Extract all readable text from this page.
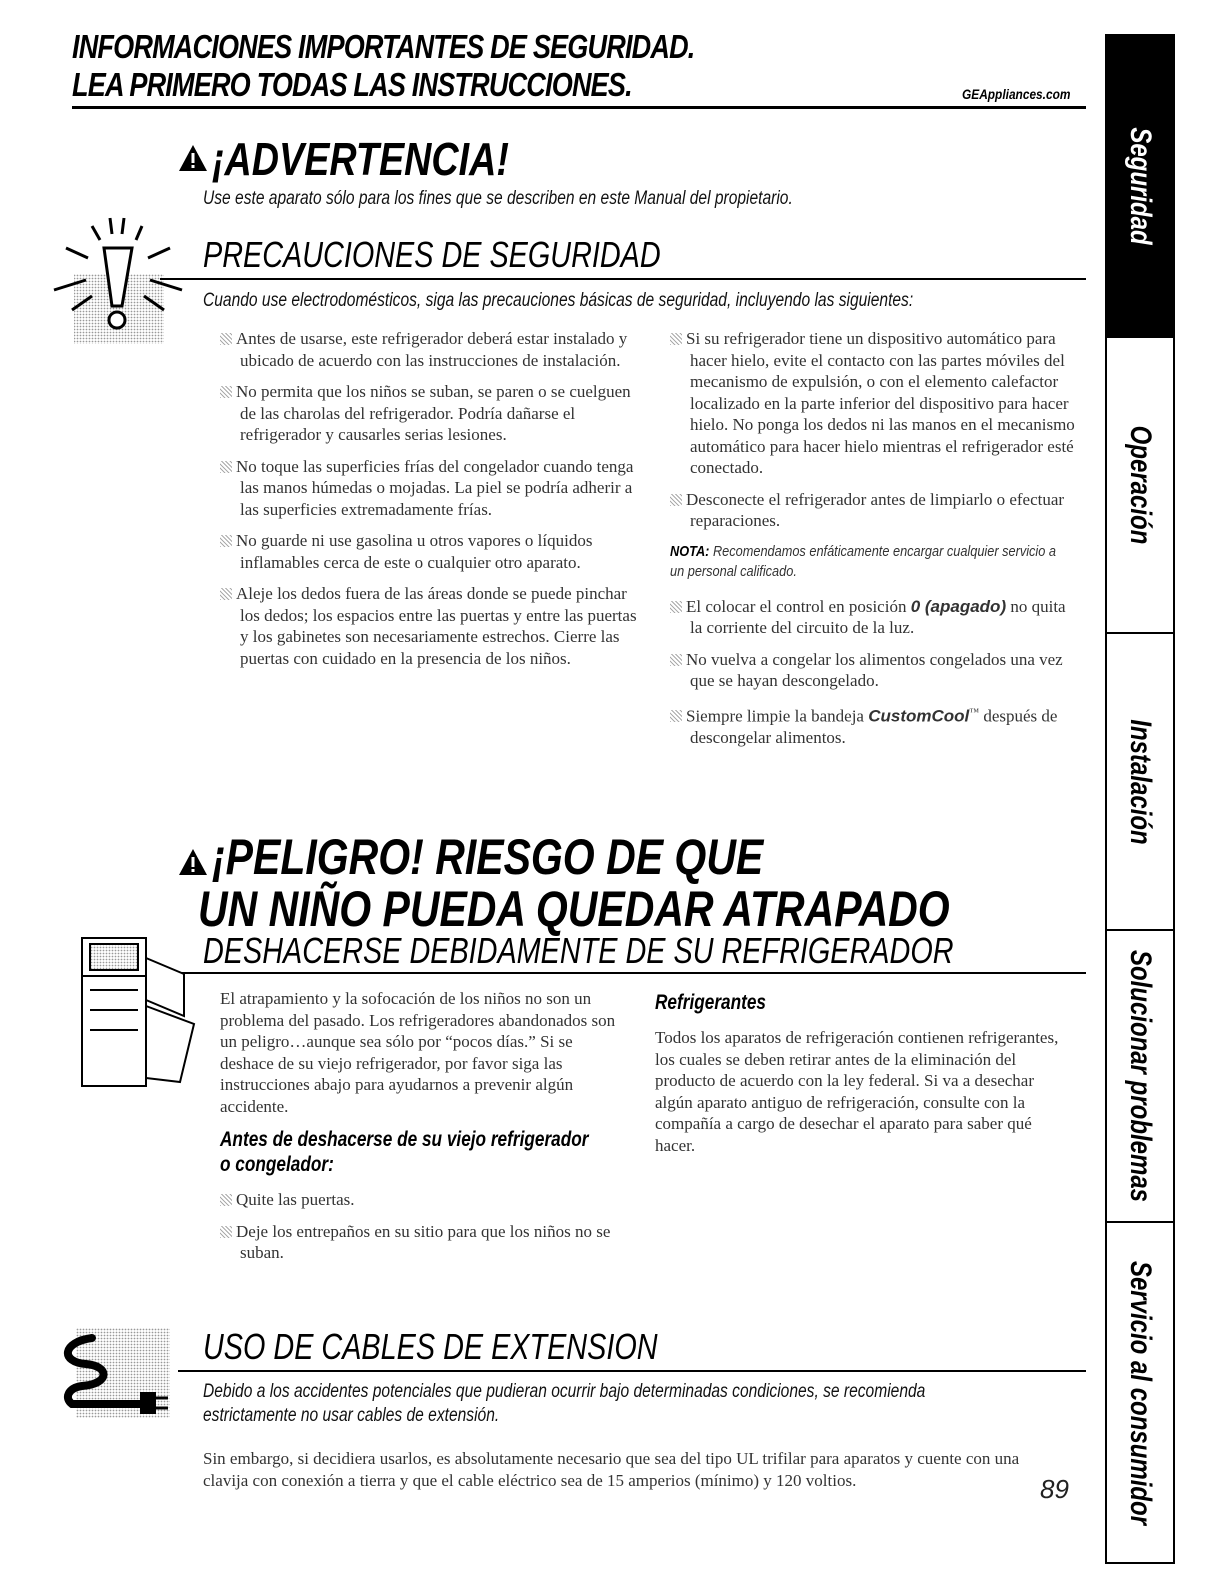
INFORMACIONES IMPORTANTES DE SEGURIDAD.
LEA PRIMERO TODAS LAS INSTRUCCIONES.	GEAppliances.com
Seguridad
Operación
Instalación
Solucionar problemas
Servicio al consumidor
¡ADVERTENCIA!
Use este aparato sólo para los fines que se describen en este Manual del propietario.
PRECAUCIONES DE SEGURIDAD
Cuando use electrodomésticos, siga las precauciones básicas de seguridad, incluyendo las siguientes:

Antes de usarse, este refrigerador deberá estar instalado y ubicado de acuerdo con las instrucciones de instalación.

No permita que los niños se suban, se paren o se cuelguen de las charolas del refrigerador. Podría dañarse el refrigerador y causarles serias lesiones.

No toque las superficies frías del congelador cuando tenga las manos húmedas o mojadas. La piel se podría adherir a las superficies extremadamente frías.

No guarde ni use gasolina u otros vapores o líquidos inflamables cerca de este o cualquier otro aparato.

Aleje los dedos fuera de las áreas donde se puede pinchar los dedos; los espacios entre las puertas y entre las puertas y los gabinetes son necesariamente estrechos. Cierre las puertas con cuidado en la presencia de los niños.

Si su refrigerador tiene un dispositivo automático para hacer hielo, evite el contacto con las partes móviles del mecanismo de expulsión, o con el elemento calefactor localizado en la parte inferior del dispositivo para hacer hielo. No ponga los dedos ni las manos en el mecanismo automático para hacer hielo mientras el refrigerador esté conectado.

Desconecte el refrigerador antes de limpiarlo o efectuar reparaciones.

NOTA: Recomendamos enfáticamente encargar cualquier servicio a un personal calificado.

El colocar el control en posición 0 (apagado) no quita la corriente del circuito de la luz.

No vuelva a congelar los alimentos congelados una vez que se hayan descongelado.

Siempre limpie la bandeja CustomCool™ después de descongelar alimentos.

¡PELIGRO! RIESGO DE QUE
UN NIÑO PUEDA QUEDAR ATRAPADO
DESHACERSE DEBIDAMENTE DE SU REFRIGERADOR

El atrapamiento y la sofocación de los niños no son un problema del pasado. Los refrigeradores abandonados son un peligro…aunque sea sólo por “pocos días.” Si se deshace de su viejo refrigerador, por favor siga las instrucciones abajo para ayudarnos a prevenir algún accidente.

Antes de deshacerse de su viejo refrigerador
o congelador:

Quite las puertas.

Deje los entrepaños en su sitio para que los niños no se suban.

Refrigerantes

Todos los aparatos de refrigeración contienen refrigerantes, los cuales se deben retirar antes de la eliminación del producto de acuerdo con la ley federal. Si va a desechar algún aparato antiguo de refrigeración, consulte con la compañía a cargo de desechar el aparato para saber qué hacer.

USO DE CABLES DE EXTENSION
Debido a los accidentes potenciales que pudieran ocurrir bajo determinadas condiciones, se recomienda
estrictamente no usar cables de extensión.
Sin embargo, si decidiera usarlos, es absolutamente necesario que sea del tipo UL trifilar para aparatos y cuente con una clavija con conexión a tierra y que el cable eléctrico sea de 15 amperios (mínimo) y 120 voltios.	89
